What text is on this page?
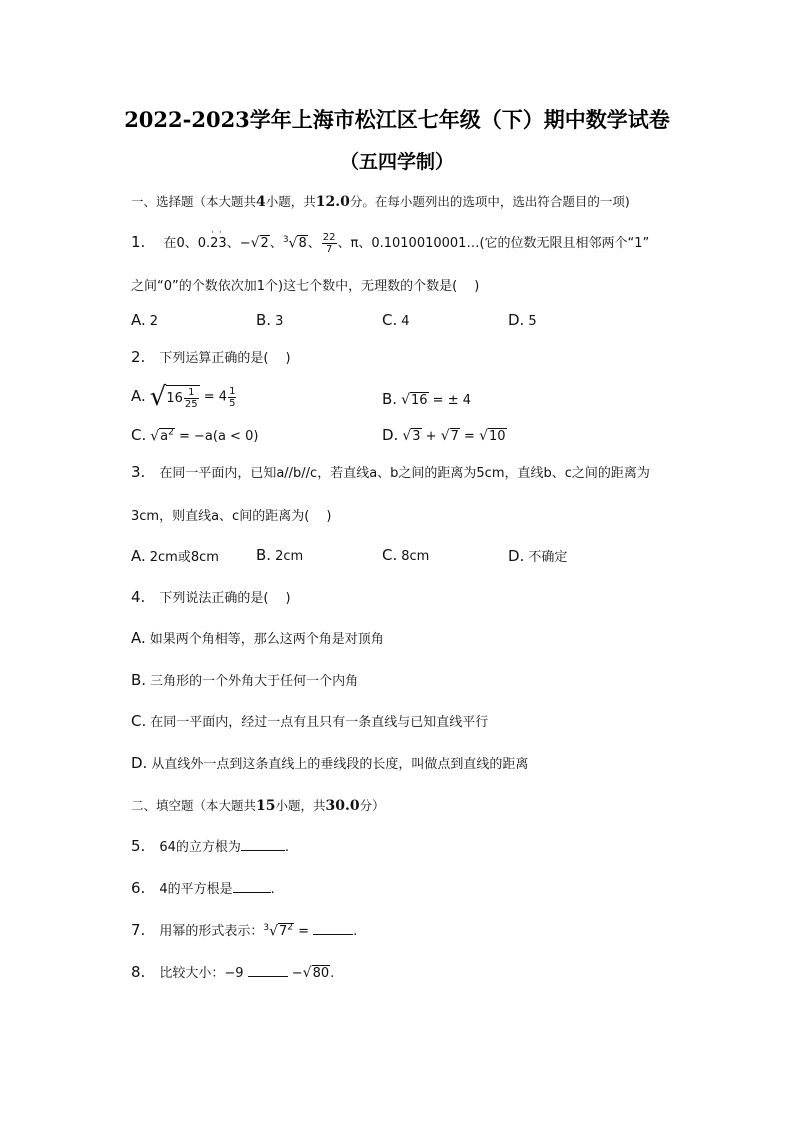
2022-2023学年上海市松江区七年级（下）期中数学试卷
（五四学制）
一、选择题（本大题共4小题，共12.0分。在每小题列出的选项中，选出符合题目的一项)
1. 在0、0.· · 23、−√2、$^3$√8、 $\frac{22}{7}$ 、π、0.1010010001…(它的位数无限且相邻两个“1”
之间“0”的个数依次加1个)这七个数中，无理数的个数是(　 )
A. 2	B. 3	C. 4	D. 5
2. 下列运算正确的是(　 )
A. $√16 \frac{1}{25} = 4 \frac{1}{5}$	B. √16 = ± 4
C. $√a^2 = -a(a < 0)$	D. √3 + √7 = √10
3. 在同一平面内，已知a//b//c，若直线a、b之间的距离为5cm，直线b、c之间的距离为
3cm，则直线a、c间的距离为(　 )
A. 2cm或8cm B. 2cm	C. 8cm	D. 不确定
4. 下列说法正确的是(　 )
A. 如果两个角相等，那么这两个角是对顶角
B. 三角形的一个外角大于任何一个内角
C. 在同一平面内，经过一点有且只有一条直线与已知直线平行
D. 从直线外一点到这条直线上的垂线段的长度，叫做点到直线的距离
二、填空题（本大题共15小题，共30.0分）
5. 64的立方根为	.
6. 4的平方根是	.
7. 用幂的形式表示：$^3√7^2$ =	.
8. 比较大小：−9	−√80.
